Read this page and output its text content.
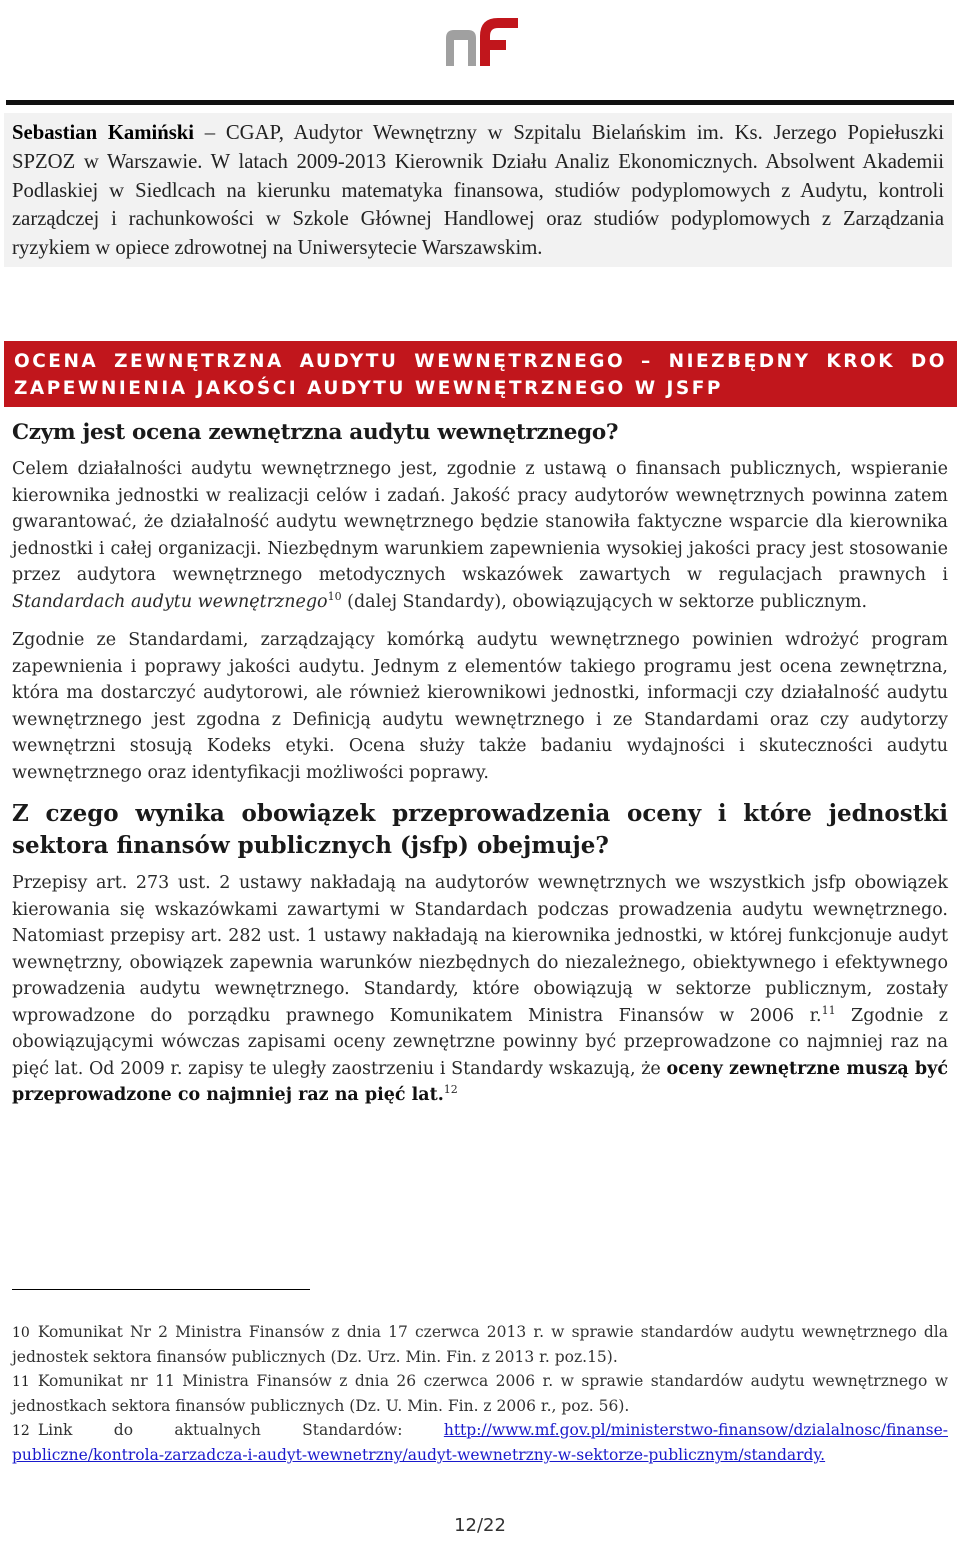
Sebastian Kamiński – CGAP, Audytor Wewnętrzny w Szpitalu Bielańskim im. Ks. Jerzego Popiełuszki SPZOZ w Warszawie. W latach 2009-2013 Kierownik Działu Analiz Ekonomicznych. Absolwent Akademii Podlaskiej w Siedlcach na kierunku matematyka finansowa, studiów podyplomowych z Audytu, kontroli zarządczej i rachunkowości w Szkole Głównej Handlowej oraz studiów podyplomowych z Zarządzania ryzykiem w opiece zdrowotnej na Uniwersytecie Warszawskim.
OCENA ZEWNĘTRZNA AUDYTU WEWNĘTRZNEGO – NIEZBĘDNY KROK DO ZAPEWNIENIA JAKOŚCI AUDYTU WEWNĘTRZNEGO W JSFP
Czym jest ocena zewnętrzna audytu wewnętrznego?

Celem działalności audytu wewnętrznego jest, zgodnie z ustawą o finansach publicznych, wspieranie kierownika jednostki w realizacji celów i zadań. Jakość pracy audytorów wewnętrznych powinna zatem gwarantować, że działalność audytu wewnętrznego będzie stanowiła faktyczne wsparcie dla kierownika jednostki i całej organizacji. Niezbędnym warunkiem zapewnienia wysokiej jakości pracy jest stosowanie przez audytora wewnętrznego metodycznych wskazówek zawartych w regulacjach prawnych i Standardach audytu wewnętrznego$^{10}$ (dalej Standardy), obowiązujących w sektorze publicznym.

Zgodnie ze Standardami, zarządzający komórką audytu wewnętrznego powinien wdrożyć program zapewnienia i poprawy jakości audytu. Jednym z elementów takiego programu jest ocena zewnętrzna, która ma dostarczyć audytorowi, ale również kierownikowi jednostki, informacji czy działalność audytu wewnętrznego jest zgodna z Definicją audytu wewnętrznego i ze Standardami oraz czy audytorzy wewnętrzni stosują Kodeks etyki. Ocena służy także badaniu wydajności i skuteczności audytu wewnętrznego oraz identyfikacji możliwości poprawy.

Z czego wynika obowiązek przeprowadzenia oceny i które jednostki sektora finansów publicznych (jsfp) obejmuje?

Przepisy art. 273 ust. 2 ustawy nakładają na audytorów wewnętrznych we wszystkich jsfp obowiązek kierowania się wskazówkami zawartymi w Standardach podczas prowadzenia audytu wewnętrznego. Natomiast przepisy art. 282 ust. 1 ustawy nakładają na kierownika jednostki, w której funkcjonuje audyt wewnętrzny, obowiązek zapewnia warunków niezbędnych do niezależnego, obiektywnego i efektywnego prowadzenia audytu wewnętrznego. Standardy, które obowiązują w sektorze publicznym, zostały wprowadzone do porządku prawnego Komunikatem Ministra Finansów w 2006 r.$^{11}$ Zgodnie z obowiązującymi wówczas zapisami oceny zewnętrzne powinny być przeprowadzone co najmniej raz na pięć lat. Od 2009 r. zapisy te uległy zaostrzeniu i Standardy wskazują, że oceny zewnętrzne muszą być przeprowadzone co najmniej raz na pięć lat.$^{12}$

10 Komunikat Nr 2 Ministra Finansów z dnia 17 czerwca 2013 r. w sprawie standardów audytu wewnętrznego dla jednostek sektora finansów publicznych (Dz. Urz. Min. Fin. z 2013 r. poz.15).

11 Komunikat nr 11 Ministra Finansów z dnia 26 czerwca 2006 r. w sprawie standardów audytu wewnętrznego w jednostkach sektora finansów publicznych (Dz. U. Min. Fin. z 2006 r., poz. 56).

12 Link do aktualnych Standardów: http://www.mf.gov.pl/ministerstwo-finansow/dzialalnosc/finanse-publiczne/kontrola-zarzadcza-i-audyt-wewnetrzny/audyt-wewnetrzny-w-sektorze-publicznym/standardy.

12/22
